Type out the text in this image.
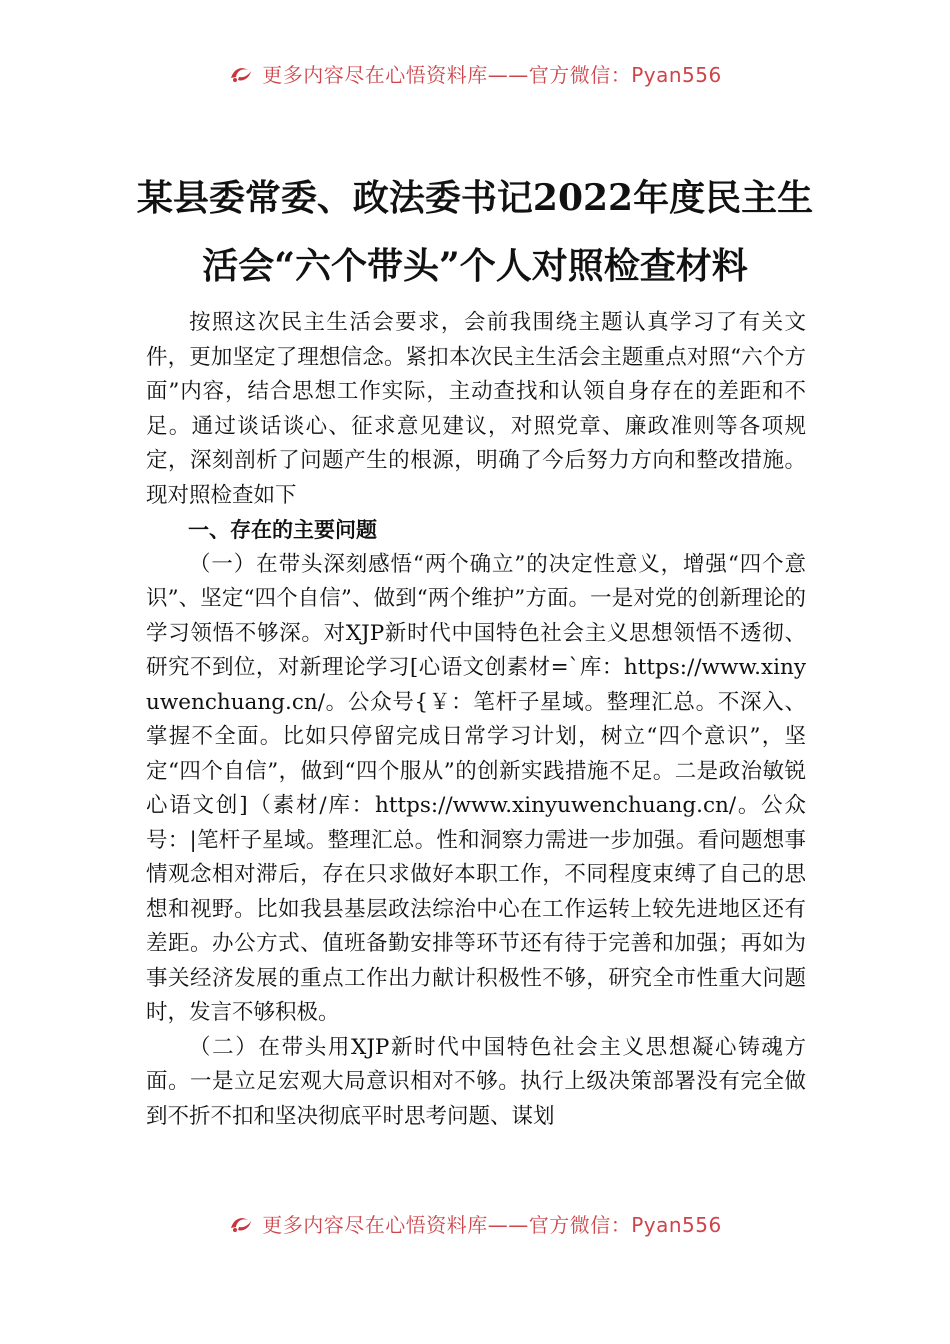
更多内容尽在心悟资料库——官方微信：Pyan556
某县委常委、政法委书记2022年度民主生
活会“六个带头”个人对照检查材料

按照这次民主生活会要求，会前我围绕主题认真学习了有关文件，更加坚定了理想信念。紧扣本次民主生活会主题重点对照“六个方面”内容，结合思想工作实际，主动查找和认领自身存在的差距和不足。通过谈话谈心、征求意见建议，对照党章、廉政准则等各项规定，深刻剖析了问题产生的根源，明确了今后努力方向和整改措施。现对照检查如下

一、存在的主要问题

（一）在带头深刻感悟“两个确立”的决定性意义，增强“四个意识”、坚定“四个自信”、做到“两个维护”方面。一是对党的创新理论的学习领悟不够深。对XJP新时代中国特色社会主义思想领悟不透彻、研究不到位，对新理论学习[心语文创素材=`库：https://www.xinyuwenchuang.cn/。公众号{￥：笔杆子星域。整理汇总。不深入、掌握不全面。比如只停留完成日常学习计划，树立“四个意识”，坚定“四个自信”，做到“四个服从”的创新实践措施不足。二是政治敏锐心语文创]（素材/库：https://www.xinyuwenchuang.cn/。公众号：|笔杆子星域。整理汇总。性和洞察力需进一步加强。看问题想事情观念相对滞后，存在只求做好本职工作，不同程度束缚了自己的思想和视野。比如我县基层政法综治中心在工作运转上较先进地区还有差距。办公方式、值班备勤安排等环节还有待于完善和加强；再如为事关经济发展的重点工作出力献计积极性不够，研究全市性重大问题时，发言不够积极。

（二）在带头用XJP新时代中国特色社会主义思想凝心铸魂方面。一是立足宏观大局意识相对不够。执行上级决策部署没有完全做到不折不扣和坚决彻底平时思考问题、谋划

更多内容尽在心悟资料库——官方微信：Pyan556
